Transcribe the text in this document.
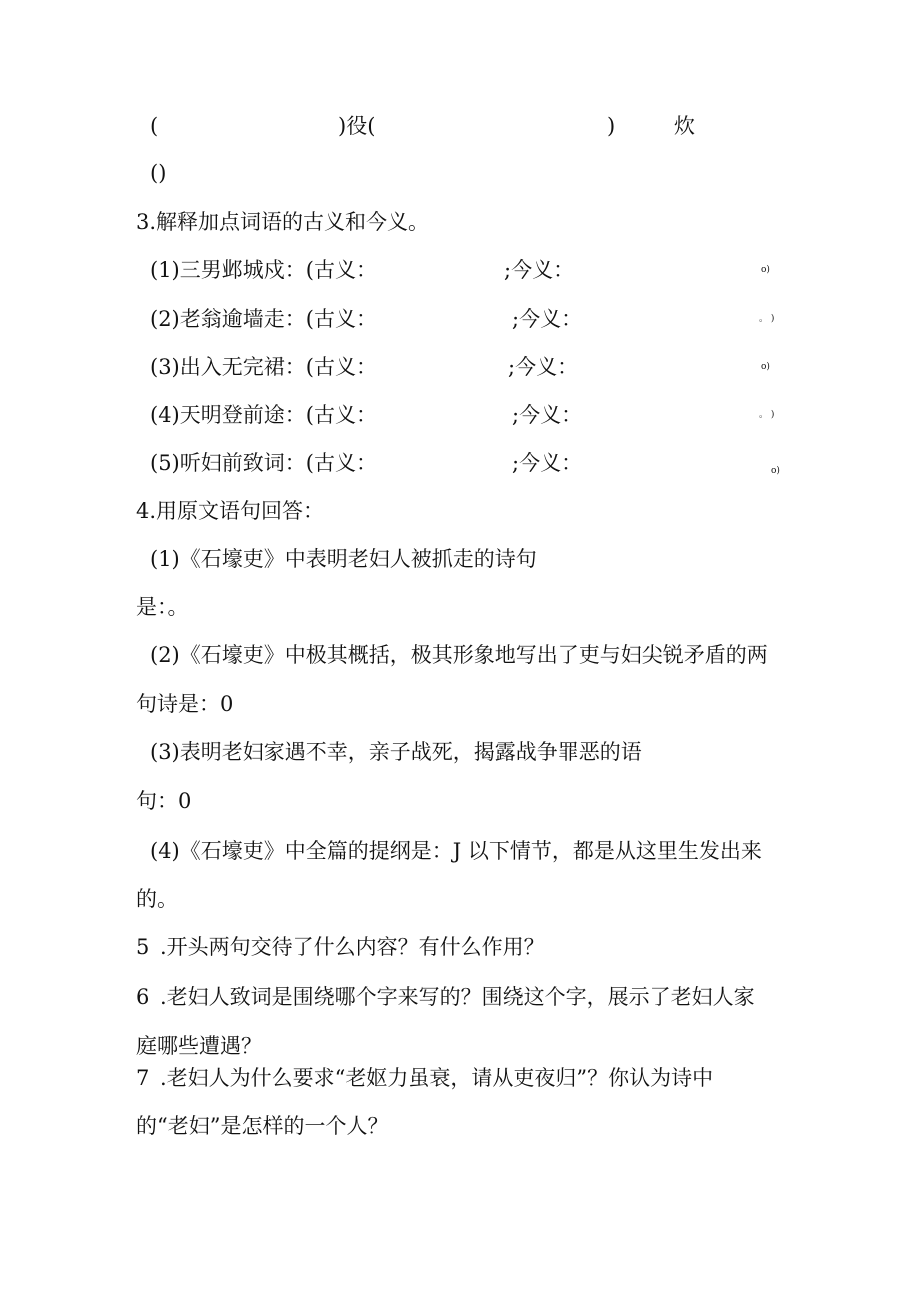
(	)役(	)	炊
()
3.解释加点词语的古义和今义。
(1)三男邺城戍：(古义：	;今义：	o)
(2)老翁逾墙走：(古义：	;今义：	。 )
(3)出入无完裙：(古义：	;今义：	o)
(4)天明登前途：(古义：	;今义：	。 )
(5)听妇前致词：(古义：	;今义：	o)
4.用原文语句回答：
(1)《石壕吏》中表明老妇人被抓走的诗句
是：。
(2)《石壕吏》中极其概括，极其形象地写出了吏与妇尖锐矛盾的两
句诗是：0
(3)表明老妇家遇不幸，亲子战死，揭露战争罪恶的语
句：0
(4)《石壕吏》中全篇的提纲是：J 以下情节，都是从这里生发出来
的。
5 .开头两句交待了什么内容？有什么作用？
6 .老妇人致词是围绕哪个字来写的？围绕这个字，展示了老妇人家
庭哪些遭遇？
7 .老妇人为什么要求“老妪力虽衰，请从吏夜归”？你认为诗中
的“老妇”是怎样的一个人？
